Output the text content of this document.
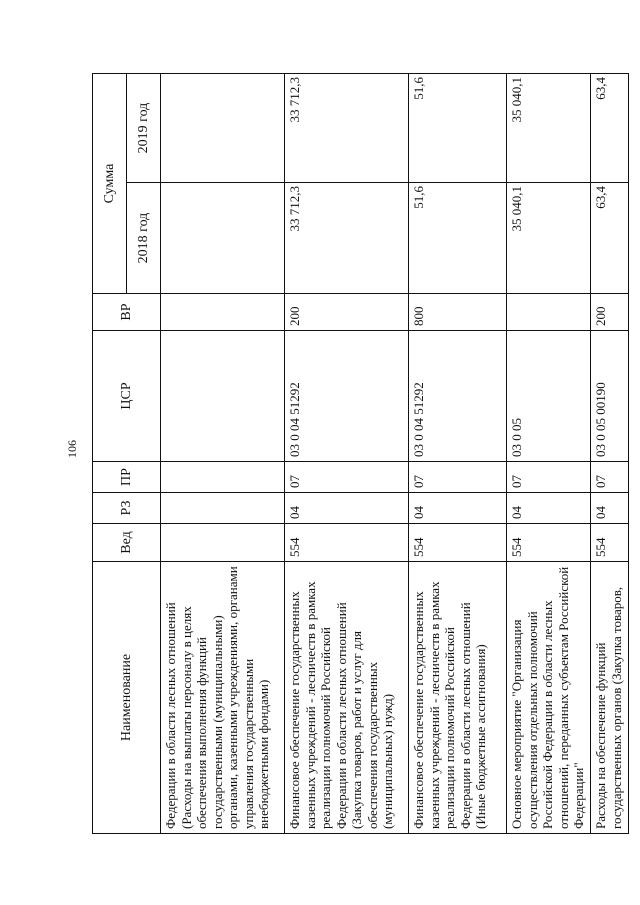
106
Наименование	Вед	РЗ	ПР	ЦСР	ВР	Сумма	
						2018 год	2019 год
Федерации в области лесных отношений (Расходы на выплаты персоналу в целях обеспечения выполнения функций государственными (муниципальными) органами, казенными учреждениями, органами управления государственными внебюджетными фондами)							
Финансовое обеспечение государственных казенных учреждений - лесничеств в рамках реализации полномочий Российской Федерации в области лесных отношений (Закупка товаров, работ и услуг для обеспечения государственных (муниципальных) нужд)	554	04	07	03 0 04 51292	200	33 712,3	33 712,3
Финансовое обеспечение государственных казенных учреждений - лесничеств в рамках реализации полномочий Российской Федерации в области лесных отношений (Иные бюджетные ассигнования)	554	04	07	03 0 04 51292	800	51,6	51,6
Основное мероприятие "Организация осуществления отдельных полномочий Российской Федерации в области лесных отношений, переданных субъектам Российской Федерации"	554	04	07	03 0 05		35 040,1	35 040,1
Расходы на обеспечение функций государственных органов (Закупка товаров,	554	04	07	03 0 05 00190	200	63,4	63,4
